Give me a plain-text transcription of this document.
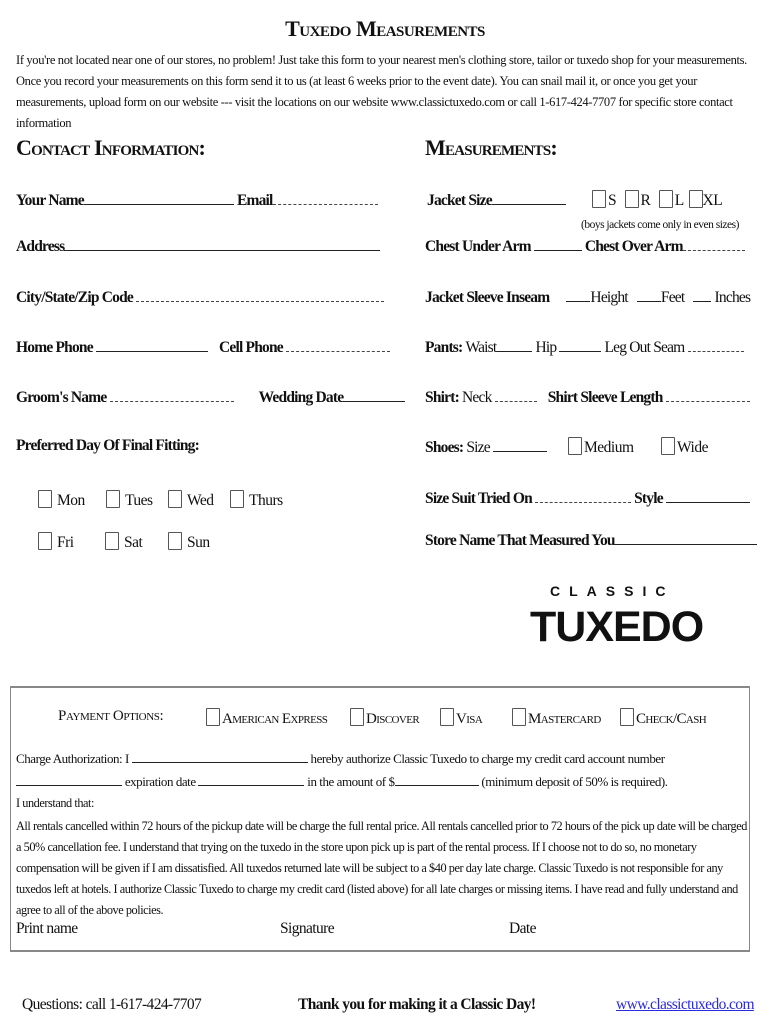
Tuxedo Measurements
If you're not located near one of our stores, no problem! Just take this form to your nearest men's clothing store, tailor or tuxedo shop for your measurements. Once you record your measurements on this form send it to us (at least 6 weeks prior to the event date). You can snail mail it, or once you get your measurements, upload form on our website --- visit the locations on our website www.classictuxedo.com or call 1-617-424-7707 for specific store contact information
Contact Information:
Your Name	Email
Address
City/State/Zip Code
Home Phone	Cell Phone
Groom's Name	Wedding Date
Preferred Day Of Final Fitting:
Mon	Tues	Wed	Thurs
Fri	Sat	Sun
Measurements:
Jacket Size	S R L XL
(boys jackets come only in even sizes)
Chest Under Arm	Chest Over Arm
Jacket Sleeve Inseam	Height Feet Inches
Pants: Waist	Hip	Leg Out Seam
Shirt: Neck	Shirt Sleeve Length
Shoes: Size	Medium	Wide
Size Suit Tried On	Style
Store Name That Measured You
CLASSIC
TUXEDO
Payment Options:	American Express	Discover	Visa	Mastercard	Check/Cash
Charge Authorization: I	hereby authorize Classic Tuxedo to charge my credit card account number
expiration date	in the amount of $	(minimum deposit of 50% is required).
I understand that:
All rentals cancelled within 72 hours of the pickup date will be charge the full rental price. All rentals cancelled prior to 72 hours of the pick up date will be charged a 50% cancellation fee. I understand that trying on the tuxedo in the store upon pick up is part of the rental process. If I choose not to do so, no monetary compensation will be given if I am dissatisfied. All tuxedos returned late will be subject to a $40 per day late charge. Classic Tuxedo is not responsible for any tuxedos left at hotels. I authorize Classic Tuxedo to charge my credit card (listed above) for all late charges or missing items. I have read and fully understand and agree to all of the above policies.
Print name	Signature	Date
Questions: call 1-617-424-7707	Thank you for making it a Classic Day!	www.classictuxedo.com
